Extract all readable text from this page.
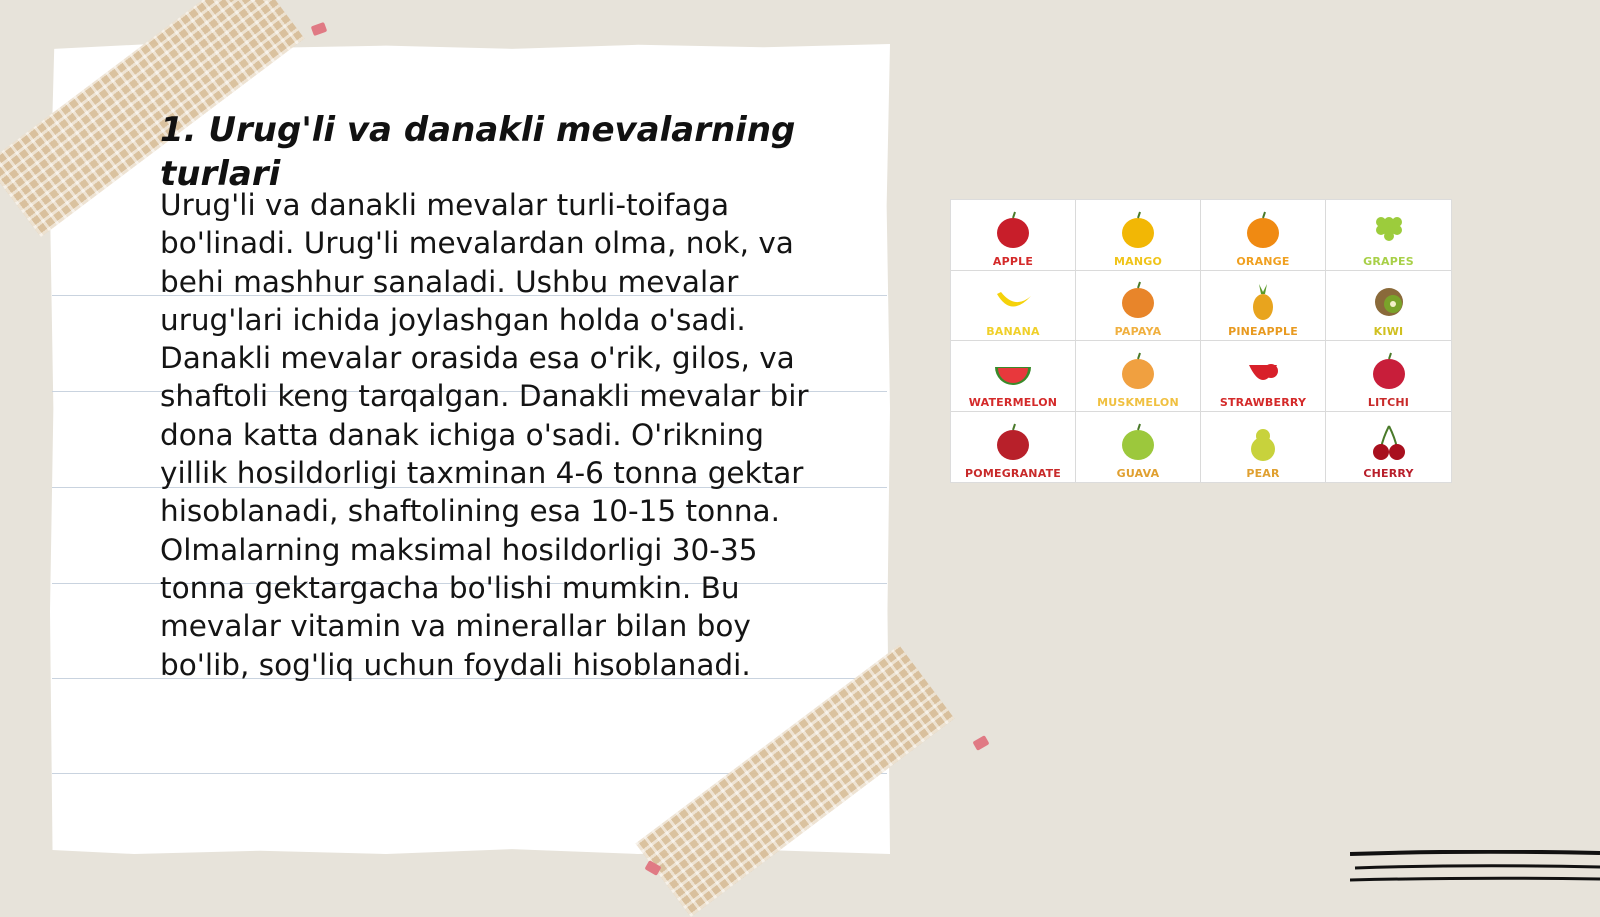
1. Urug'li va danakli mevalarning turlari

Urug'li va danakli mevalar turli-toifaga bo'linadi. Urug'li mevalardan olma, nok, va behi mashhur sanaladi. Ushbu mevalar urug'lari ichida joylashgan holda o'sadi. Danakli mevalar orasida esa o'rik, gilos, va shaftoli keng tarqalgan. Danakli mevalar bir dona katta danak ichiga o'sadi. O'rikning yillik hosildorligi taxminan 4-6 tonna gektar hisoblanadi, shaftolining esa 10-15 tonna. Olmalarning maksimal hosildorligi 30-35 tonna gektargacha bo'lishi mumkin. Bu mevalar vitamin va minerallar bilan boy bo'lib, sog'liq uchun foydali hisoblanadi.

APPLE	MANGO	ORANGE	GRAPES
BANANA	PAPAYA	PINEAPPLE	KIWI
WATERMELON	MUSKMELON	STRAWBERRY	LITCHI
POMEGRANATE	GUAVA	PEAR	CHERRY
